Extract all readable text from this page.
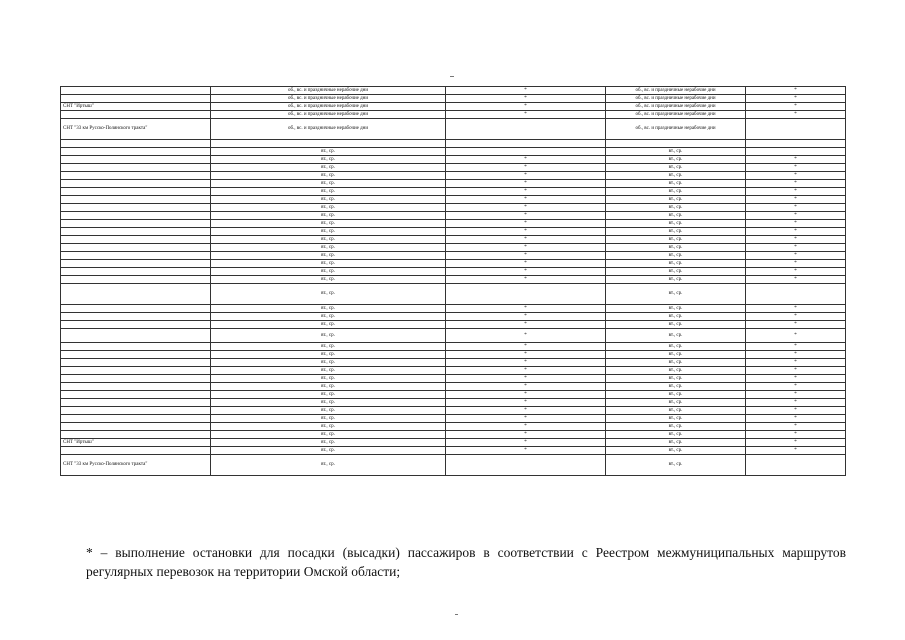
	об., вс. и праздничные нерабочие дни	*	об., вс. и праздничные нерабочие дни	*
	об., вс. и праздничные нерабочие дни	*	об., вс. и праздничные нерабочие дни	*
СНТ "Иртыш"	об., вс. и праздничные нерабочие дни	*	об., вс. и праздничные нерабочие дни	*
	об., вс. и праздничные нерабочие дни	*	об., вс. и праздничные нерабочие дни	*
СНТ "33 км Русско-Полянского тракта"	об., вс. и праздничные нерабочие дни		об., вс. и праздничные нерабочие дни	

	вт., ср.		вт., ср.	
	вт., ср.	*	вт., ср.	*
	вт., ср.	*	вт., ср.	*
	вт., ср.	*	вт., ср.	*
	вт., ср.	*	вт., ср.	*
	вт., ср.	*	вт., ср.	*
	вт., ср.	*	вт., ср.	*
	вт., ср.	*	вт., ср.	*
	вт., ср.	*	вт., ср.	*
	вт., ср.	*	вт., ср.	*
	вт., ср.	*	вт., ср.	*
	вт., ср.	*	вт., ср.	*
	вт., ср.	*	вт., ср.	*
	вт., ср.	*	вт., ср.	*
	вт., ср.	*	вт., ср.	*
	вт., ср.	*	вт., ср.	*
	вт., ср.	*	вт., ср.	*
	вт., ср.		вт., ср.	
	вт., ср.	*	вт., ср.	*
	вт., ср.	*	вт., ср.	*
	вт., ср.	*	вт., ср.	*
	вт., ср.	*	вт., ср.	*
	вт., ср.	*	вт., ср.	*
	вт., ср.	*	вт., ср.	*
	вт., ср.	*	вт., ср.	*
	вт., ср.	*	вт., ср.	*
	вт., ср.	*	вт., ср.	*
	вт., ср.	*	вт., ср.	*
	вт., ср.	*	вт., ср.	*
	вт., ср.	*	вт., ср.	*
	вт., ср.	*	вт., ср.	*
	вт., ср.	*	вт., ср.	*
	вт., ср.	*	вт., ср.	*
	вт., ср.	*	вт., ср.	*
СНТ "Иртыш"	вт., ср.	*	вт., ср.	*
	вт., ср.	*	вт., ср.	*
СНТ "33 км Русско-Полянского тракта"	вт., ср.		вт., ср.	
* – выполнение остановки для посадки (высадки) пассажиров в соответствии с Реестром межмуниципальных маршрутов регулярных перевозок на территории Омской области;
